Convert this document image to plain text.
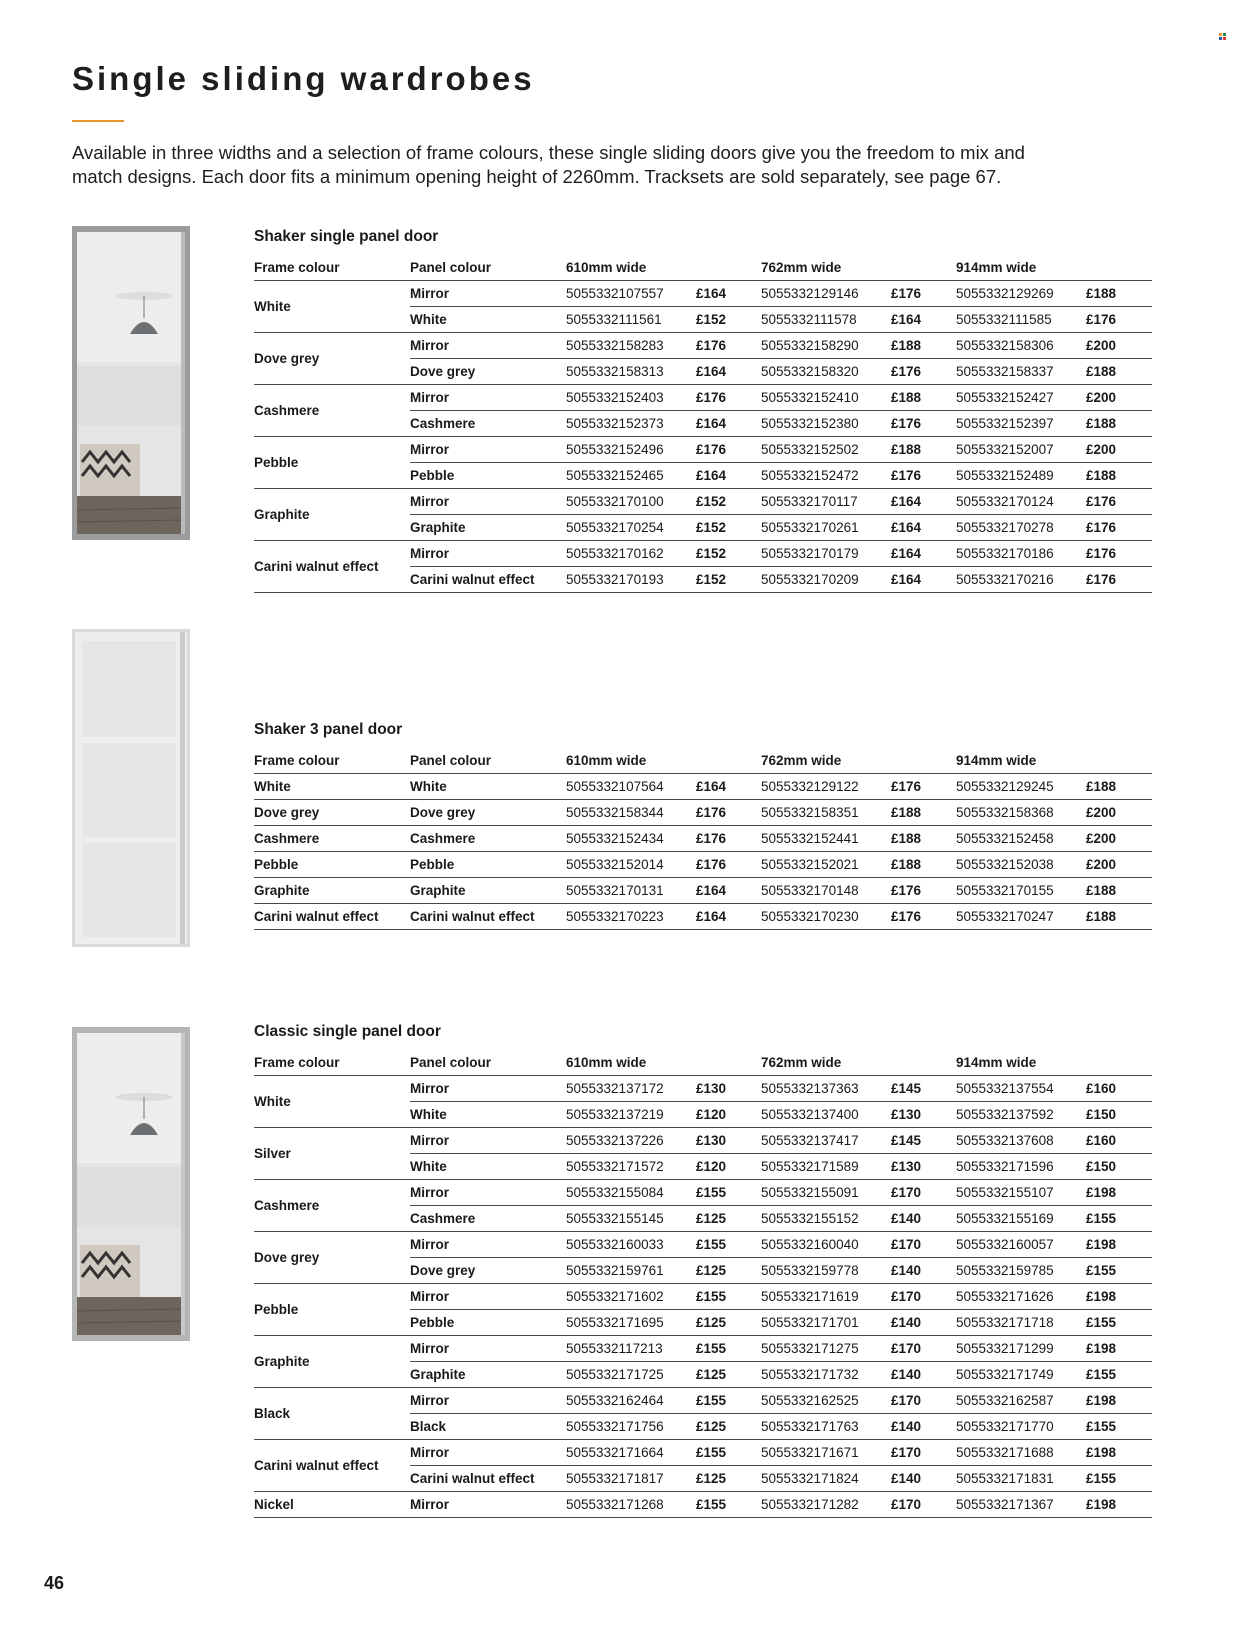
Single sliding wardrobes

Available in three widths and a selection of frame colours, these single sliding doors give you the freedom to mix and match designs. Each door fits a minimum opening height of 2260mm. Tracksets are sold separately, see page 67.

Shaker single panel door
Frame colour	Panel colour	610mm wide		762mm wide		914mm wide	
White	Mirror	5055332107557	£164	5055332129146	£176	5055332129269	£188
	White	5055332111561	£152	5055332111578	£164	5055332111585	£176
Dove grey	Mirror	5055332158283	£176	5055332158290	£188	5055332158306	£200
	Dove grey	5055332158313	£164	5055332158320	£176	5055332158337	£188
Cashmere	Mirror	5055332152403	£176	5055332152410	£188	5055332152427	£200
	Cashmere	5055332152373	£164	5055332152380	£176	5055332152397	£188
Pebble	Mirror	5055332152496	£176	5055332152502	£188	5055332152007	£200
	Pebble	5055332152465	£164	5055332152472	£176	5055332152489	£188
Graphite	Mirror	5055332170100	£152	5055332170117	£164	5055332170124	£176
	Graphite	5055332170254	£152	5055332170261	£164	5055332170278	£176
Carini walnut effect	Mirror	5055332170162	£152	5055332170179	£164	5055332170186	£176
	Carini walnut effect	5055332170193	£152	5055332170209	£164	5055332170216	£176
Shaker 3 panel door
Frame colour	Panel colour	610mm wide		762mm wide		914mm wide	
White	White	5055332107564	£164	5055332129122	£176	5055332129245	£188
Dove grey	Dove grey	5055332158344	£176	5055332158351	£188	5055332158368	£200
Cashmere	Cashmere	5055332152434	£176	5055332152441	£188	5055332152458	£200
Pebble	Pebble	5055332152014	£176	5055332152021	£188	5055332152038	£200
Graphite	Graphite	5055332170131	£164	5055332170148	£176	5055332170155	£188
Carini walnut effect	Carini walnut effect	5055332170223	£164	5055332170230	£176	5055332170247	£188
Classic single panel door
Frame colour	Panel colour	610mm wide		762mm wide		914mm wide	
White	Mirror	5055332137172	£130	5055332137363	£145	5055332137554	£160
	White	5055332137219	£120	5055332137400	£130	5055332137592	£150
Silver	Mirror	5055332137226	£130	5055332137417	£145	5055332137608	£160
	White	5055332171572	£120	5055332171589	£130	5055332171596	£150
Cashmere	Mirror	5055332155084	£155	5055332155091	£170	5055332155107	£198
	Cashmere	5055332155145	£125	5055332155152	£140	5055332155169	£155
Dove grey	Mirror	5055332160033	£155	5055332160040	£170	5055332160057	£198
	Dove grey	5055332159761	£125	5055332159778	£140	5055332159785	£155
Pebble	Mirror	5055332171602	£155	5055332171619	£170	5055332171626	£198
	Pebble	5055332171695	£125	5055332171701	£140	5055332171718	£155
Graphite	Mirror	5055332117213	£155	5055332171275	£170	5055332171299	£198
	Graphite	5055332171725	£125	5055332171732	£140	5055332171749	£155
Black	Mirror	5055332162464	£155	5055332162525	£170	5055332162587	£198
	Black	5055332171756	£125	5055332171763	£140	5055332171770	£155
Carini walnut effect	Mirror	5055332171664	£155	5055332171671	£170	5055332171688	£198
	Carini walnut effect	5055332171817	£125	5055332171824	£140	5055332171831	£155
Nickel	Mirror	5055332171268	£155	5055332171282	£170	5055332171367	£198
46
